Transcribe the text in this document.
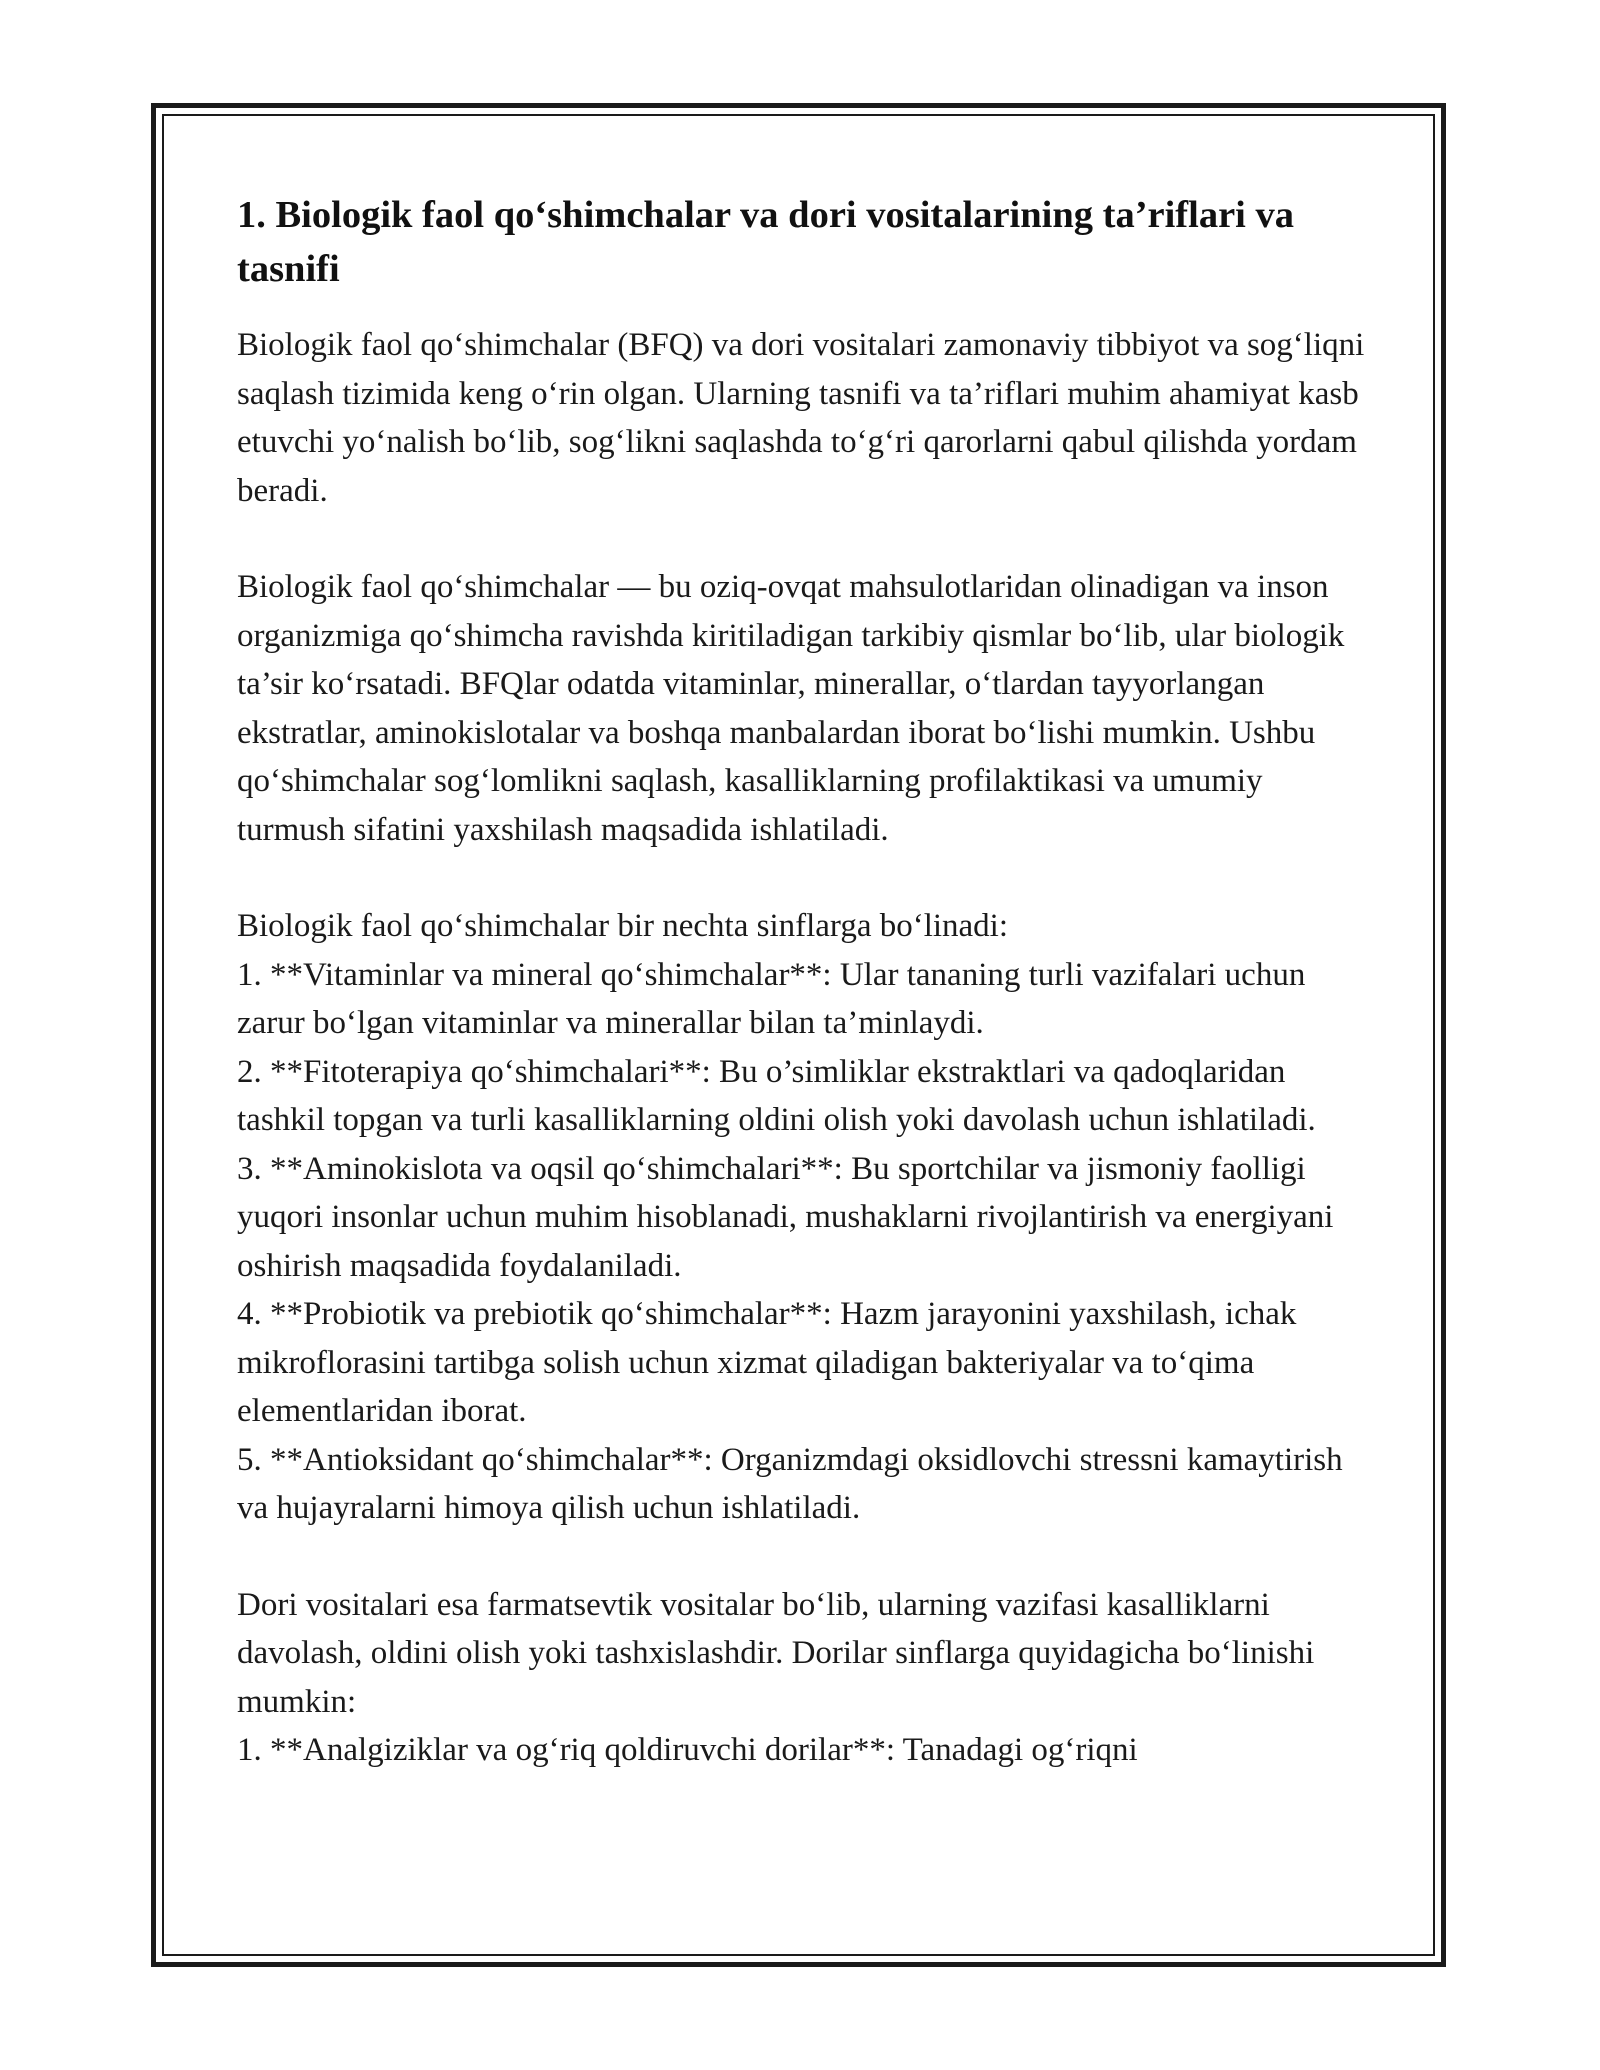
1. Biologik faol qo‘shimchalar va dori vositalarining ta’riflari va tasnifi

Biologik faol qo‘shimchalar (BFQ) va dori vositalari zamonaviy tibbiyot va sog‘liqni saqlash tizimida keng o‘rin olgan. Ularning tasnifi va ta’riflari muhim ahamiyat kasb etuvchi yo‘nalish bo‘lib, sog‘likni saqlashda to‘g‘ri qarorlarni qabul qilishda yordam beradi.

Biologik faol qo‘shimchalar — bu oziq-ovqat mahsulotlaridan olinadigan va inson organizmiga qo‘shimcha ravishda kiritiladigan tarkibiy qismlar bo‘lib, ular biologik ta’sir ko‘rsatadi. BFQlar odatda vitaminlar, minerallar, o‘tlardan tayyorlangan ekstratlar, aminokislotalar va boshqa manbalardan iborat bo‘lishi mumkin. Ushbu qo‘shimchalar sog‘lomlikni saqlash, kasalliklarning profilaktikasi va umumiy turmush sifatini yaxshilash maqsadida ishlatiladi.

Biologik faol qo‘shimchalar bir nechta sinflarga bo‘linadi:

1. **Vitaminlar va mineral qo‘shimchalar**: Ular tananing turli vazifalari uchun zarur bo‘lgan vitaminlar va minerallar bilan ta’minlaydi.

2. **Fitoterapiya qo‘shimchalari**: Bu o’simliklar ekstraktlari va qadoqlaridan tashkil topgan va turli kasalliklarning oldini olish yoki davolash uchun ishlatiladi.

3. **Aminokislota va oqsil qo‘shimchalari**: Bu sportchilar va jismoniy faolligi yuqori insonlar uchun muhim hisoblanadi, mushaklarni rivojlantirish va energiyani oshirish maqsadida foydalaniladi.

4. **Probiotik va prebiotik qo‘shimchalar**: Hazm jarayonini yaxshilash, ichak mikroflorasini tartibga solish uchun xizmat qiladigan bakteriyalar va to‘qima elementlaridan iborat.

5. **Antioksidant qo‘shimchalar**: Organizmdagi oksidlovchi stressni kamaytirish va hujayralarni himoya qilish uchun ishlatiladi.

Dori vositalari esa farmatsevtik vositalar bo‘lib, ularning vazifasi kasalliklarni davolash, oldini olish yoki tashxislashdir. Dorilar sinflarga quyidagicha bo‘linishi mumkin:

1. **Analgiziklar va og‘riq qoldiruvchi dorilar**: Tanadagi og‘riqni
